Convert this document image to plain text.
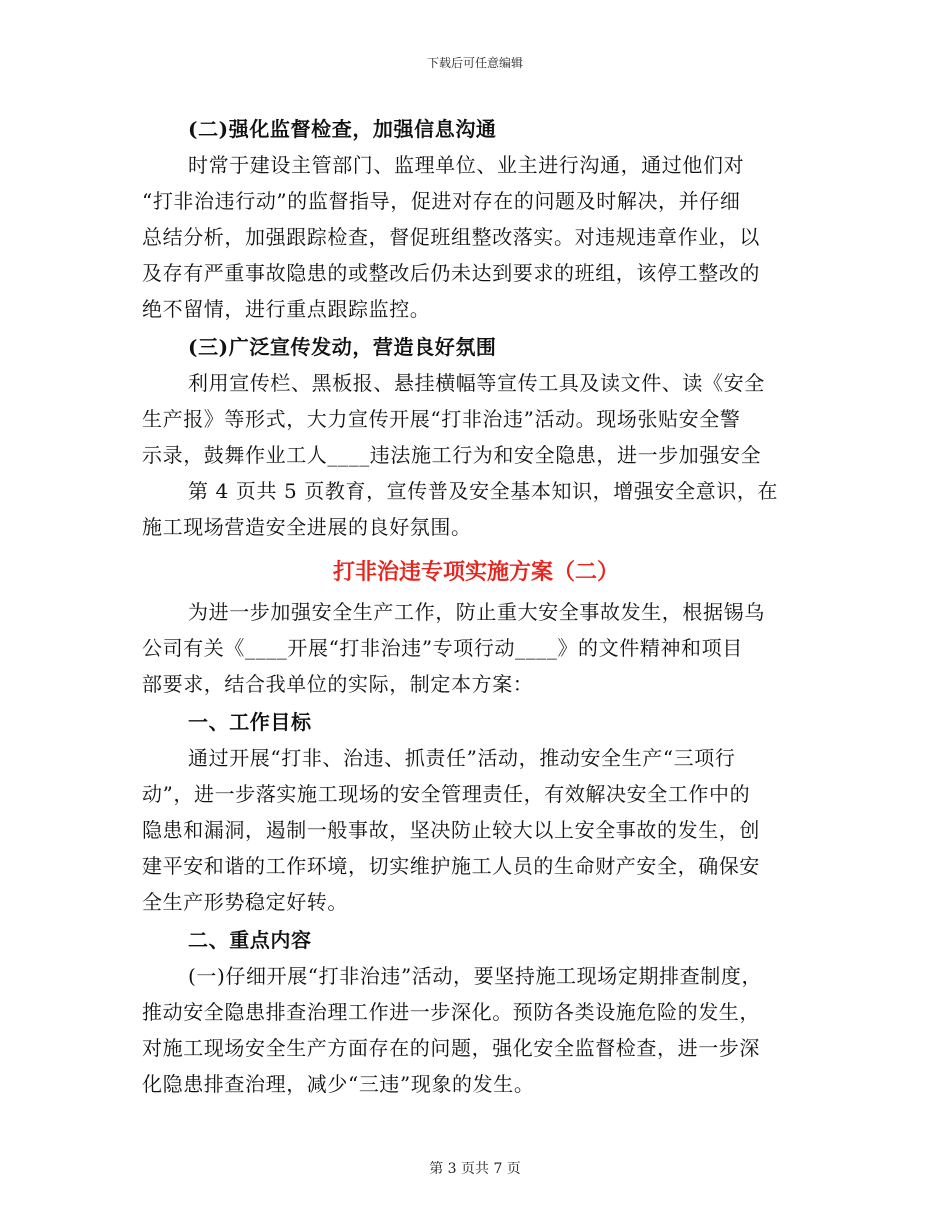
下载后可任意编辑
(二)强化监督检查，加强信息沟通
时常于建设主管部门、监理单位、业主进行沟通，通过他们对
“打非治违行动”的监督指导，促进对存在的问题及时解决，并仔细
总结分析，加强跟踪检查，督促班组整改落实。对违规违章作业，以
及存有严重事故隐患的或整改后仍未达到要求的班组，该停工整改的
绝不留情，进行重点跟踪监控。
(三)广泛宣传发动，营造良好氛围
利用宣传栏、黑板报、悬挂横幅等宣传工具及读文件、读《安全
生产报》等形式，大力宣传开展“打非治违”活动。现场张贴安全警
示录，鼓舞作业工人____违法施工行为和安全隐患，进一步加强安全
第 4 页共 5 页教育，宣传普及安全基本知识，增强安全意识，在
施工现场营造安全进展的良好氛围。
打非治违专项实施方案（二）
为进一步加强安全生产工作，防止重大安全事故发生，根据锡乌
公司有关《____开展“打非治违”专项行动____》的文件精神和项目
部要求，结合我单位的实际，制定本方案：
一、工作目标
通过开展“打非、治违、抓责任”活动，推动安全生产“三项行
动”，进一步落实施工现场的安全管理责任，有效解决安全工作中的
隐患和漏洞，遏制一般事故，坚决防止较大以上安全事故的发生，创
建平安和谐的工作环境，切实维护施工人员的生命财产安全，确保安
全生产形势稳定好转。
二、重点内容
(一)仔细开展“打非治违”活动，要坚持施工现场定期排查制度，
推动安全隐患排查治理工作进一步深化。预防各类设施危险的发生，
对施工现场安全生产方面存在的问题，强化安全监督检查，进一步深
化隐患排查治理，减少“三违”现象的发生。
第 3 页共 7 页
